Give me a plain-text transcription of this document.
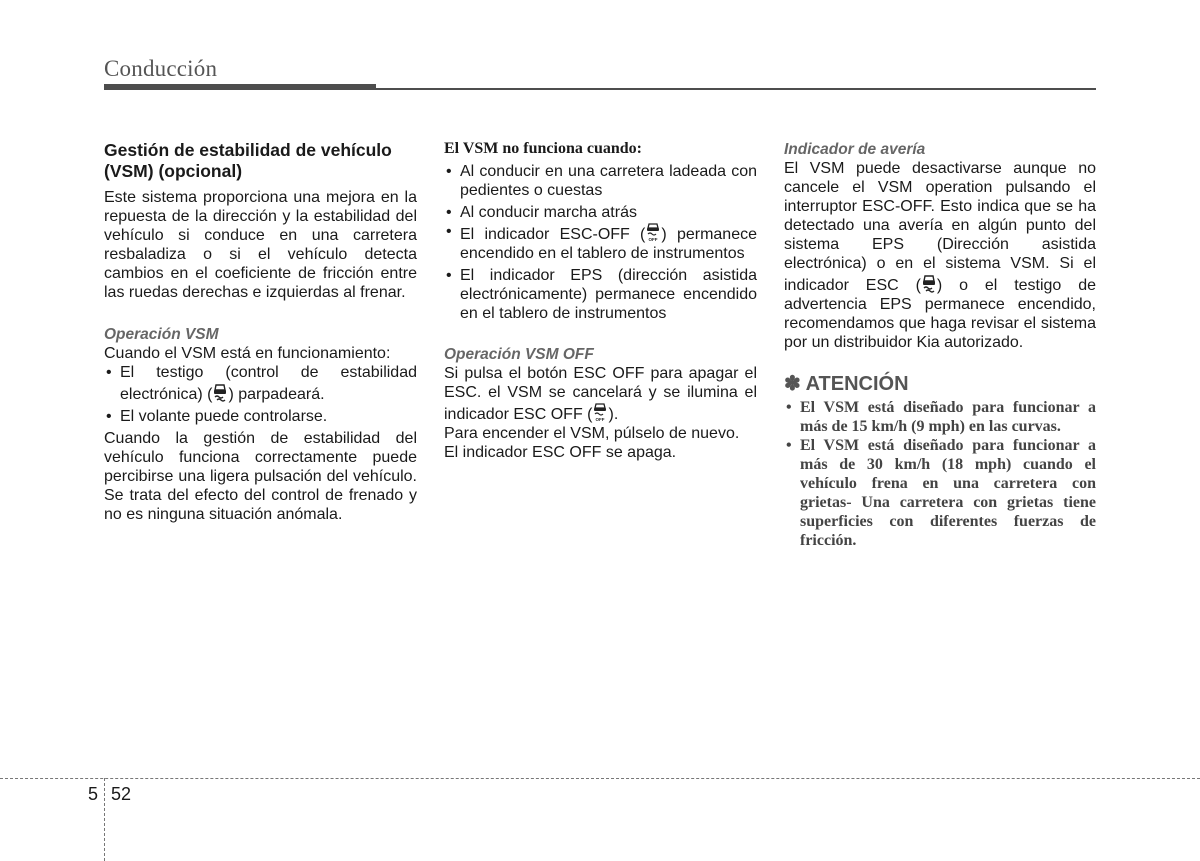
Conducción
Gestión de estabilidad de vehículo (VSM) (opcional)

Este sistema proporciona una mejora en la repuesta de la dirección y la estabilidad del vehículo si conduce en una carretera resbaladiza o si el vehículo detecta cambios en el coeficiente de fricción entre las ruedas derechas e izquierdas al frenar.

Operación VSM

Cuando el VSM está en funcionamiento:

• El testigo (control de estabilidad electrónica) ( ) parpadeará.
• El volante puede controlarse.

Cuando la gestión de estabilidad del vehículo funciona correctamente puede percibirse una ligera pulsación del vehículo. Se trata del efecto del control de frenado y no es ninguna situación anómala.

El VSM no funciona cuando:
• Al conducir en una carretera ladeada con pedientes o cuestas
• Al conducir marcha atrás
• El indicador ESC-OFF ( OFF ) permanece encendido en el tablero de instrumentos
• El indicador EPS (dirección asistida electrónicamente) permanece encendido en el tablero de instrumentos
Operación VSM OFF

Si pulsa el botón ESC OFF para apagar el ESC. el VSM se cancelará y se ilumina el indicador ESC OFF ( OFF ).

Para encender el VSM, púlselo de nuevo. El indicador ESC OFF se apaga.

Indicador de avería

El VSM puede desactivarse aunque no cancele el VSM operation pulsando el interruptor ESC-OFF. Esto indica que se ha detectado una avería en algún punto del sistema EPS (Dirección asistida electrónica) o en el sistema VSM. Si el indicador ESC ( ) o el testigo de advertencia EPS permanece encendido, recomendamos que haga revisar el sistema por un distribuidor Kia autorizado.

✽ ATENCIÓN
• El VSM está diseñado para funcionar a más de 15 km/h (9 mph) en las curvas.
• El VSM está diseñado para funcionar a más de 30 km/h (18 mph) cuando el vehículo frena en una carretera con grietas- Una carretera con grietas tiene superficies con diferentes fuerzas de fricción.
5 52
